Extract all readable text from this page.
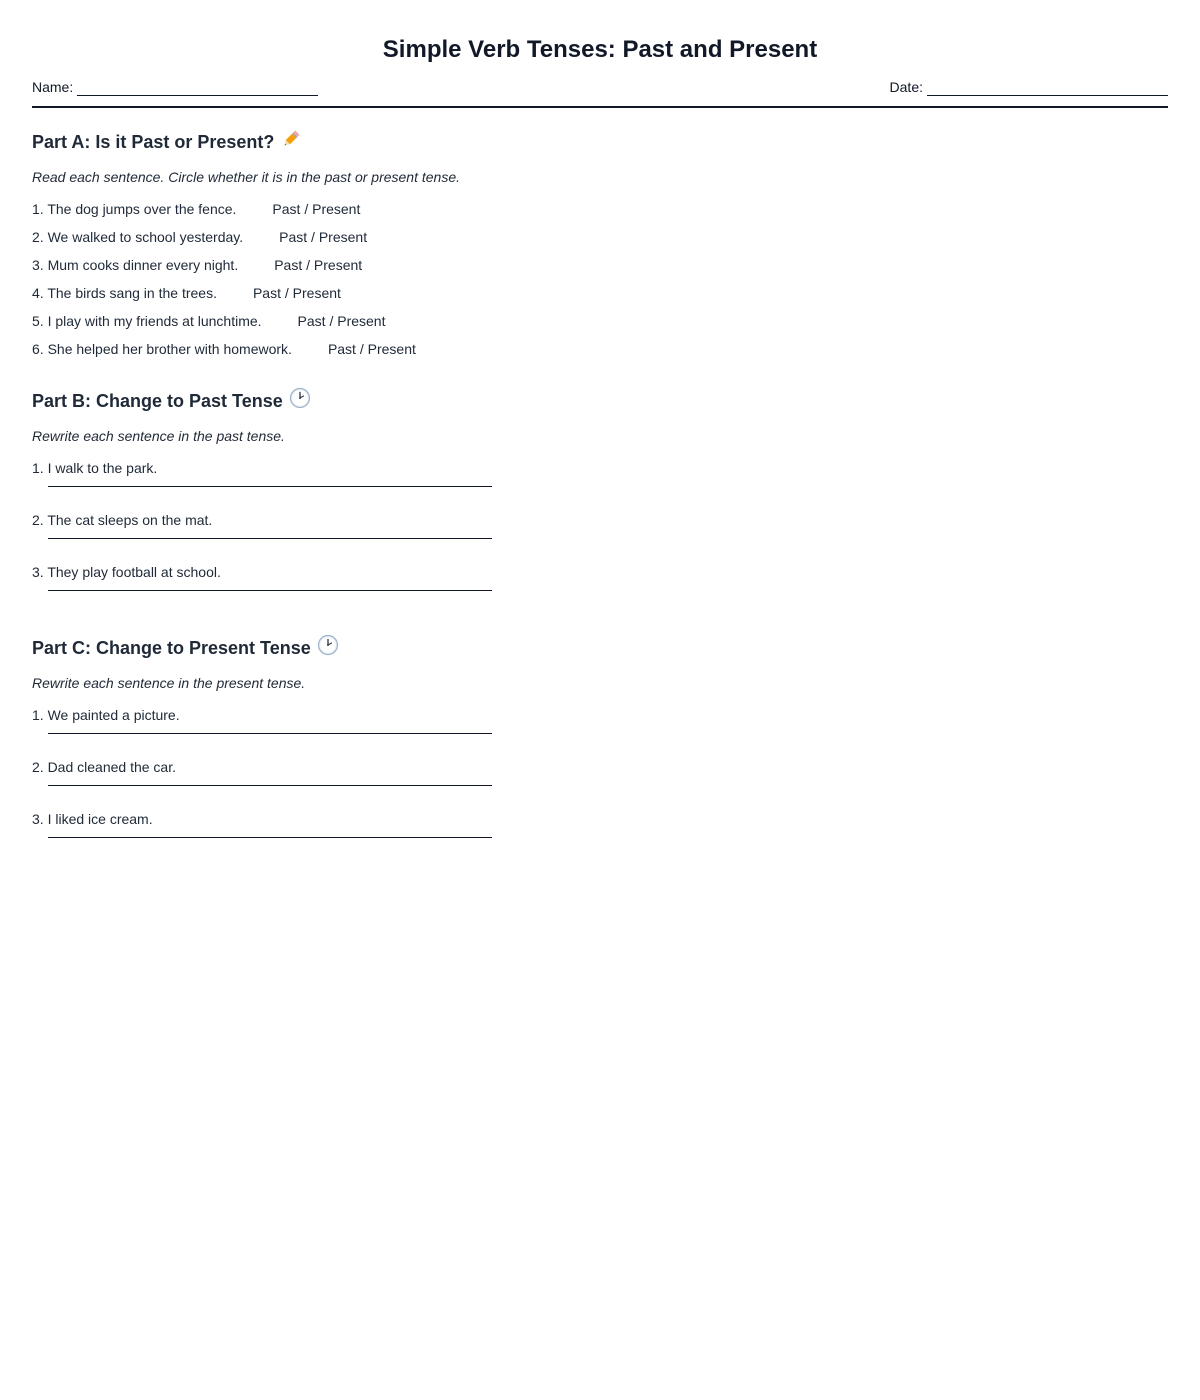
Simple Verb Tenses: Past and Present
Name:	Date:
Part A: Is it Past or Present?

Read each sentence. Circle whether it is in the past or present tense.

1. The dog jumps over the fence.	Past / Present
2. We walked to school yesterday.	Past / Present
3. Mum cooks dinner every night.	Past / Present
4. The birds sang in the trees.	Past / Present
5. I play with my friends at lunchtime.	Past / Present
6. She helped her brother with homework.	Past / Present
Part B: Change to Past Tense

Rewrite each sentence in the past tense.

1. I walk to the park.
2. The cat sleeps on the mat.
3. They play football at school.
Part C: Change to Present Tense

Rewrite each sentence in the present tense.

1. We painted a picture.
2. Dad cleaned the car.
3. I liked ice cream.
